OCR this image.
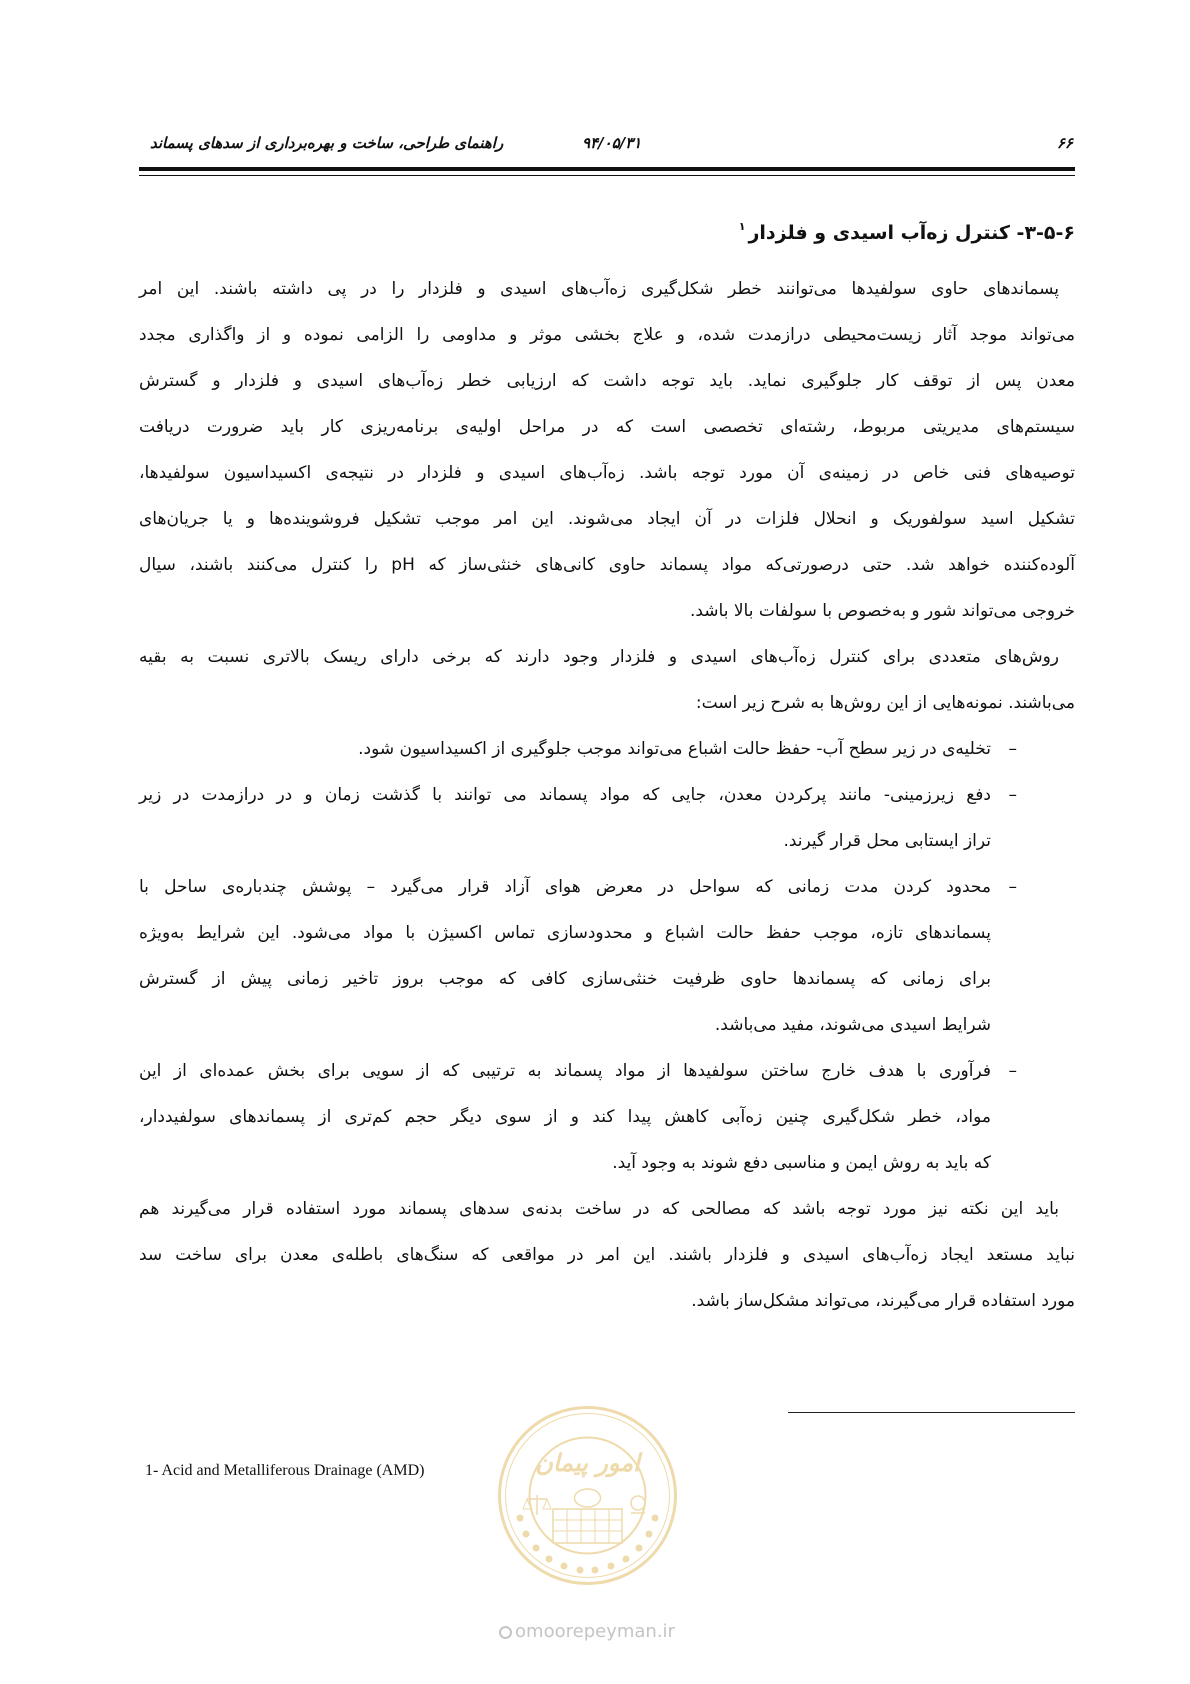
راهنمای طراحی، ساخت و بهره‌برداری از سدهای پسماند	۹۴/۰۵/۳۱	۶۶
۳-۵-۶- کنترل زه‌آب اسیدی و فلزدار$^۱$
پسماندهای حاوی سولفیدها می‌توانند خطر شکل‌گیری زه‌آب‌های اسیدی و فلزدار را در پی داشته باشند. این امر
می‌تواند موجد آثار زیست‌محیطی درازمدت شده، و علاج بخشی موثر و مداومی را الزامی نموده و از واگذاری مجدد
معدن پس از توقف کار جلوگیری نماید. باید توجه داشت که ارزیابی خطر زه‌آب‌های اسیدی و فلزدار و گسترش
سیستم‌های مدیریتی مربوط، رشته‌ای تخصصی است که در مراحل اولیه‌ی برنامه‌ریزی کار باید ضرورت دریافت
توصیه‌های فنی خاص در زمینه‌ی آن مورد توجه باشد. زه‌آب‌های اسیدی و فلزدار در نتیجه‌ی اکسیداسیون سولفیدها،
تشکیل اسید سولفوریک و انحلال فلزات در آن ایجاد می‌شوند. این امر موجب تشکیل فروشوینده‌ها و یا جریان‌های
آلوده‌کننده خواهد شد. حتی درصورتی‌که مواد پسماند حاوی کانی‌های خنثی‌ساز که pH را کنترل می‌کنند باشند، سیال
خروجی می‌تواند شور و به‌خصوص با سولفات بالا باشد.
روش‌های متعددی برای کنترل زه‌آب‌های اسیدی و فلزدار وجود دارند که برخی دارای ریسک بالاتری نسبت به بقیه
می‌باشند. نمونه‌هایی از این روش‌ها به شرح زیر است:
–
تخلیه‌ی در زیر سطح آب- حفظ حالت اشباع می‌تواند موجب جلوگیری از اکسیداسیون شود.
–
دفع زیرزمینی- مانند پرکردن معدن، جایی که مواد پسماند می توانند با گذشت زمان و در درازمدت در زیر
تراز ایستابی محل قرار گیرند.
–
محدود کردن مدت زمانی که سواحل در معرض هوای آزاد قرار می‌گیرد – پوشش چندباره‌ی ساحل با
پسماندهای تازه، موجب حفظ حالت اشباع و محدودسازی تماس اکسیژن با مواد می‌شود. این شرایط به‌ویژه
برای زمانی که پسماندها حاوی ظرفیت خنثی‌سازی کافی که موجب بروز تاخیر زمانی پیش از گسترش
شرایط اسیدی می‌شوند، مفید می‌باشد.
–
فرآوری با هدف خارج ساختن سولفیدها از مواد پسماند به ترتیبی که از سویی برای بخش عمده‌ای از این
مواد، خطر شکل‌گیری چنین زه‌آبی کاهش پیدا کند و از سوی دیگر حجم کم‌تری از پسماندهای سولفیددار،
که باید به روش ایمن و مناسبی دفع شوند به وجود آید.
باید این نکته نیز مورد توجه باشد که مصالحی که در ساخت بدنه‌ی سدهای پسماند مورد استفاده قرار می‌گیرند هم
نباید مستعد ایجاد زه‌آب‌های اسیدی و فلزدار باشند. این امر در مواقعی که سنگ‌های باطله‌ی معدن برای ساخت سد
مورد استفاده قرار می‌گیرند، می‌تواند مشکل‌ساز باشد.
1- Acid and Metalliferous Drainage (AMD)	امور پیمان
omoorepeyman.ir
